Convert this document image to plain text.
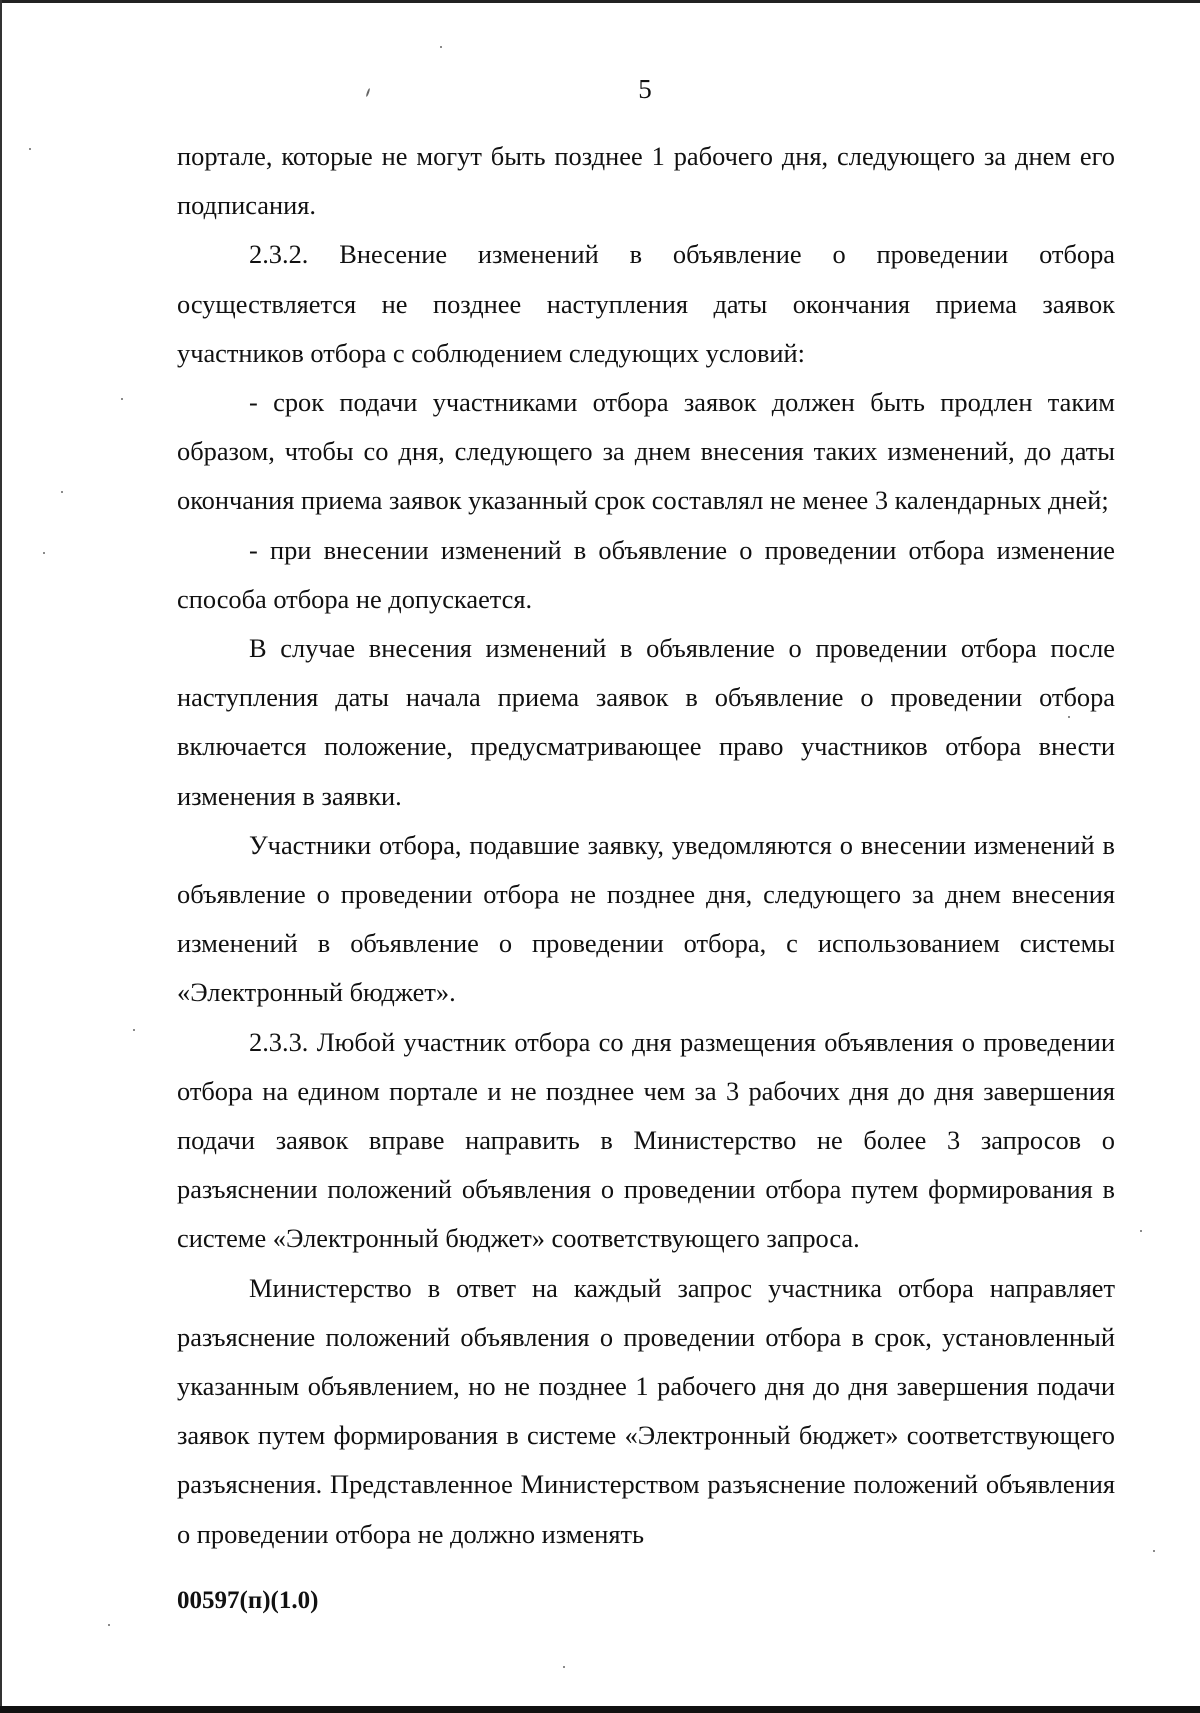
5

порталe, которые не могут быть позднее 1 рабочего дня, следующего за днем его подписания.

2.3.2. Внесение изменений в объявление о проведении отбора осуществляется не позднее наступления даты окончания приема заявок участников отбора с соблюдением следующих условий:

- срок подачи участниками отбора заявок должен быть продлен таким образом, чтобы со дня, следующего за днем внесения таких изменений, до даты окончания приема заявок указанный срок составлял не менее 3 календарных дней;

- при внесении изменений в объявление о проведении отбора изменение способа отбора не допускается.

В случае внесения изменений в объявление о проведении отбора после наступления даты начала приема заявок в объявление о проведении отбора включается положение, предусматривающее право участников отбора внести изменения в заявки.

Участники отбора, подавшие заявку, уведомляются о внесении изменений в объявление о проведении отбора не позднее дня, следующего за днем внесения изменений в объявление о проведении отбора, с использованием системы «Электронный бюджет».

2.3.3. Любой участник отбора со дня размещения объявления о проведении отбора на едином портале и не позднее чем за 3 рабочих дня до дня завершения подачи заявок вправе направить в Министерство не более 3 запросов о разъяснении положений объявления о проведении отбора путем формирования в системе «Электронный бюджет» соответствующего запроса.

Министерство в ответ на каждый запрос участника отбора направляет разъяснение положений объявления о проведении отбора в срок, установленный указанным объявлением, но не позднее 1 рабочего дня до дня завершения подачи заявок путем формирования в системе «Электронный бюджет» соответствующего разъяснения. Представленное Министерством разъяснение положений объявления о проведении отбора не должно изменять

00597(п)(1.0)
